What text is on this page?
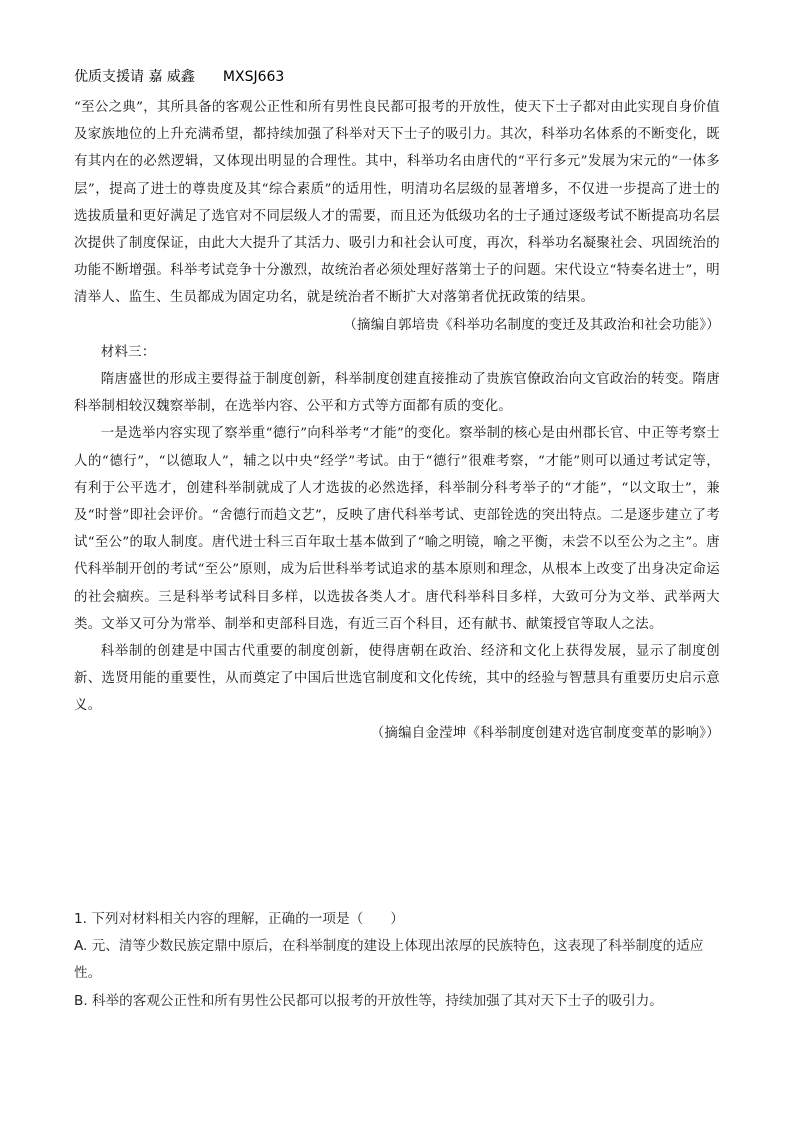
优质支援请 嘉 威鑫 MXSJ663

“至公之典”，其所具备的客观公正性和所有男性良民都可报考的开放性，使天下士子都对由此实现自身价值及家族地位的上升充满希望，都持续加强了科举对天下士子的吸引力。其次，科举功名体系的不断变化，既有其内在的必然逻辑，又体现出明显的合理性。其中，科举功名由唐代的“平行多元”发展为宋元的“一体多层”，提高了进士的尊贵度及其“综合素质”的适用性，明清功名层级的显著增多，不仅进一步提高了进士的选拔质量和更好满足了选官对不同层级人才的需要，而且还为低级功名的士子通过逐级考试不断提高功名层次提供了制度保证，由此大大提升了其活力、吸引力和社会认可度，再次，科举功名凝聚社会、巩固统治的功能不断增强。科举考试竞争十分激烈，故统治者必须处理好落第士子的问题。宋代设立“特奏名进士”，明清举人、监生、生员都成为固定功名，就是统治者不断扩大对落第者优抚政策的结果。

（摘编自郭培贵《科举功名制度的变迁及其政治和社会功能》）

材料三：

隋唐盛世的形成主要得益于制度创新，科举制度创建直接推动了贵族官僚政治向文官政治的转变。隋唐科举制相较汉魏察举制，在选举内容、公平和方式等方面都有质的变化。

一是选举内容实现了察举重“德行”向科举考“才能”的变化。察举制的核心是由州郡长官、中正等考察士人的“德行”，“以德取人”，辅之以中央“经学”考试。由于“德行”很难考察，“才能”则可以通过考试定等，有利于公平选才，创建科举制就成了人才选拔的必然选择，科举制分科考举子的“才能”，“以文取士”，兼及“时誉”即社会评价。“舍德行而趋文艺”，反映了唐代科举考试、吏部铨选的突出特点。二是逐步建立了考试“至公”的取人制度。唐代进士科三百年取士基本做到了“喻之明镜，喻之平衡，未尝不以至公为之主”。唐代科举制开创的考试“至公”原则，成为后世科举考试追求的基本原则和理念，从根本上改变了出身决定命运的社会痼疾。三是科举考试科目多样，以选拔各类人才。唐代科举科目多样，大致可分为文举、武举两大类。文举又可分为常举、制举和吏部科目选，有近三百个科目，还有献书、献策授官等取人之法。

科举制的创建是中国古代重要的制度创新，使得唐朝在政治、经济和文化上获得发展，显示了制度创新、选贤用能的重要性，从而奠定了中国后世选官制度和文化传统，其中的经验与智慧具有重要历史启示意义。

（摘编自金滢坤《科举制度创建对选官制度变革的影响》）

1. 下列对材料相关内容的理解，正确的一项是（　　）

A. 元、清等少数民族定鼎中原后，在科举制度的建设上体现出浓厚的民族特色，这表现了科举制度的适应性。

B. 科举的客观公正性和所有男性公民都可以报考的开放性等，持续加强了其对天下士子的吸引力。
